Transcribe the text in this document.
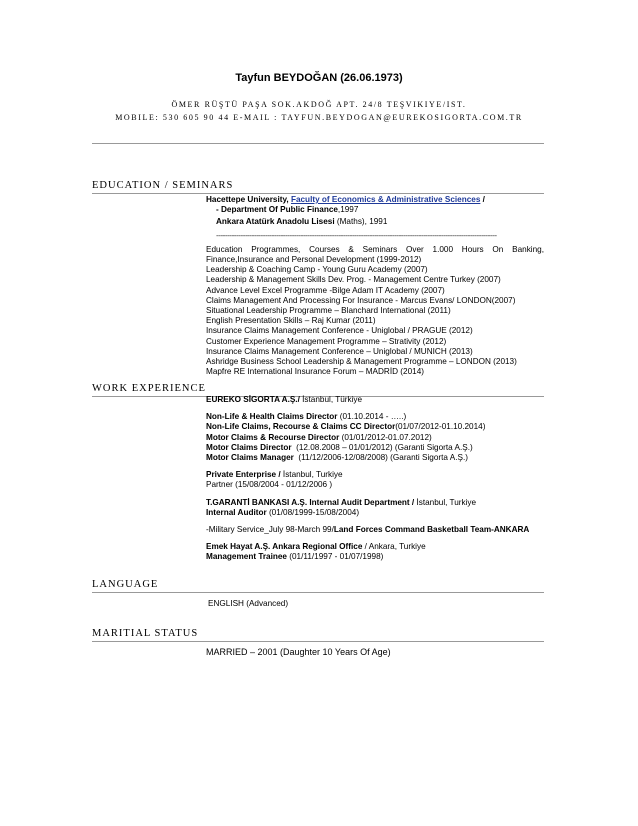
Tayfun BEYDOĞAN (26.06.1973)
ÖMER RÜŞTÜ PAŞA SOK.AKDOĞ APT. 24/8 TEŞVIKIYE/IST.
MOBILE: 530 605 90 44 E-MAIL : TAYFUN.BEYDOGAN@EUREKOSIGORTA.COM.TR
EDUCATION / SEMINARS
Hacettepe University, Faculty of Economics & Administrative Sciences /
- Department Of Public Finance,1997
Ankara Atatürk Anadolu Lisesi (Maths), 1991
------------------------------------------------------------------------------------------------------------------------------
Education Programmes, Courses & Seminars Over 1.000 Hours On Banking, Finance,Insurance and Personal Development (1999-2012)
Leadership & Coaching Camp - Young Guru Academy (2007)
Leadership & Management Skills Dev. Prog. - Management Centre Turkey (2007)
Advance Level Excel Programme -Bilge Adam IT Academy (2007)
Claims Management And Processing For Insurance - Marcus Evans/ LONDON(2007)
Situational Leadership Programme – Blanchard International (2011)
English Presentation Skills – Raj Kumar (2011)
Insurance Claims Management Conference - Uniglobal / PRAGUE (2012)
Customer Experience Management Programme – Strativity (2012)
Insurance Claims Management Conference – Uniglobal / MUNICH (2013)
Ashridge Business School Leadership & Management Programme – LONDON (2013)
Mapfre RE International Insurance Forum – MADRİD (2014)
WORK EXPERIENCE
EUREKO SİGORTA A.Ş./ İstanbul, Türkiye
Non-Life & Health Claims Director (01.10.2014 - …..)
Non-Life Claims, Recourse & Claims CC Director(01/07/2012-01.10.2014)
Motor Claims & Recourse Director (01/01/2012-01.07.2012)
Motor Claims Director (12.08.2008 – 01/01/2012) (Garanti Sigorta A.Ş.)
Motor Claims Manager (11/12/2006-12/08/2008) (Garanti Sigorta A.Ş.)
Private Enterprise / İstanbul, Turkiye
Partner (15/08/2004 - 01/12/2006 )
T.GARANTİ BANKASI A.Ş. Internal Audit Department / İstanbul, Turkiye
Internal Auditor (01/08/1999-15/08/2004)
-Military Service_July 98-March 99/Land Forces Command Basketball Team-ANKARA
Emek Hayat A.Ş. Ankara Regional Office / Ankara, Turkiye
Management Trainee (01/11/1997 - 01/07/1998)
LANGUAGE
ENGLISH (Advanced)
MARITIAL STATUS
MARRIED – 2001 (Daughter 10 Years Of Age)
